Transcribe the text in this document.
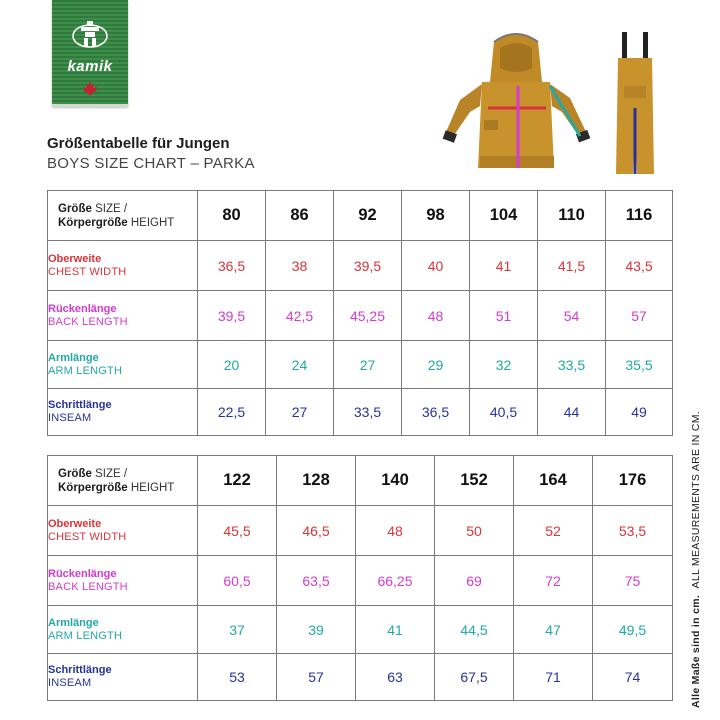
kamik
Größentabelle für Jungen
BOYS SIZE CHART – PARKA
Größe SIZE /
Körpergröße HEIGHT	80	86	92	98	104	110	116

Oberweite
CHEST WIDTH	36,5	38	39,5	40	41	41,5	43,5

Rückenlänge
BACK LENGTH	39,5	42,5	45,25	48	51	54	57

Armlänge
ARM LENGTH	20	24	27	29	32	33,5	35,5

Schrittlänge
INSEAM	22,5	27	33,5	36,5	40,5	44	49
Größe SIZE /
Körpergröße HEIGHT	122	128	140	152	164	176

Oberweite
CHEST WIDTH	45,5	46,5	48	50	52	53,5

Rückenlänge
BACK LENGTH	60,5	63,5	66,25	69	72	75

Armlänge
ARM LENGTH	37	39	41	44,5	47	49,5

Schrittlänge
INSEAM	53	57	63	67,5	71	74	Alle Maße sind in cm.  ALL MEASUREMENTS ARE IN CM.
